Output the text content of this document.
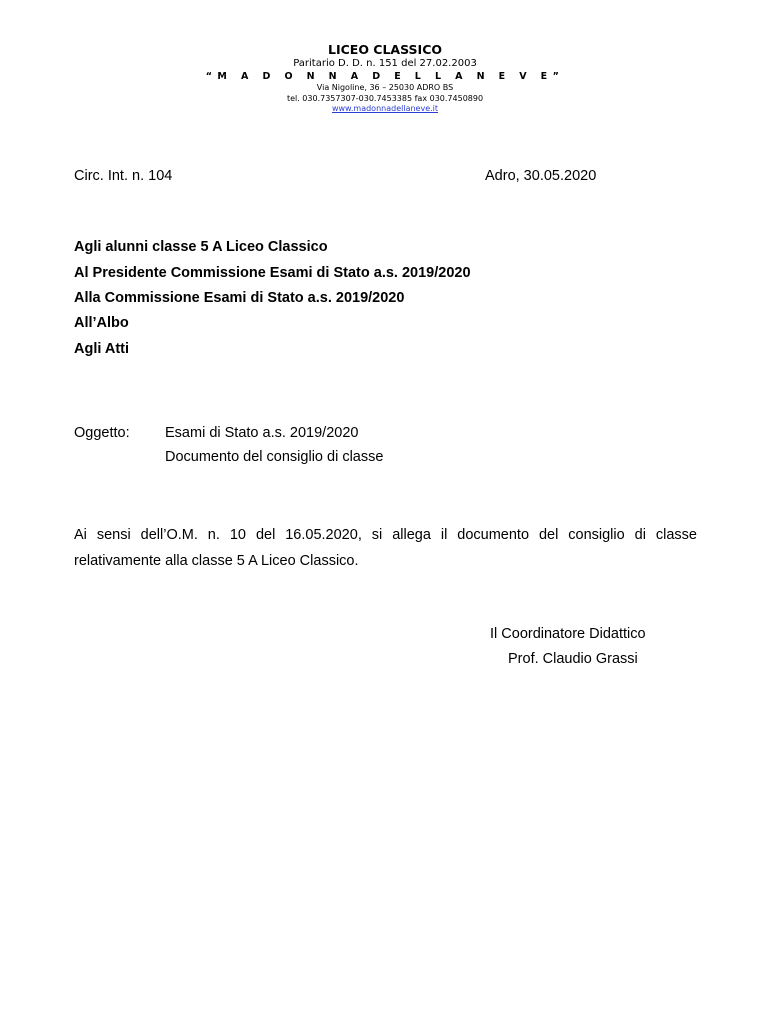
LICEO CLASSICO
Paritario D. D. n. 151 del 27.02.2003
“M A D O N N A D E L L A N E V E”
Via Nigoline, 36 – 25030 ADRO BS
tel. 030.7357307-030.7453385 fax 030.7450890
www.madonnadellaneve.it
Circ. Int. n. 104	Adro, 30.05.2020
Agli alunni classe 5 A Liceo Classico
Al Presidente Commissione Esami di Stato a.s. 2019/2020
Alla Commissione Esami di Stato a.s. 2019/2020
All’Albo
Agli Atti
Oggetto: Esami di Stato a.s. 2019/2020
Documento del consiglio di classe
Ai sensi dell’O.M. n. 10 del 16.05.2020, si allega il documento del consiglio di classe relativamente alla classe 5 A Liceo Classico.
Il Coordinatore Didattico
Prof. Claudio Grassi
